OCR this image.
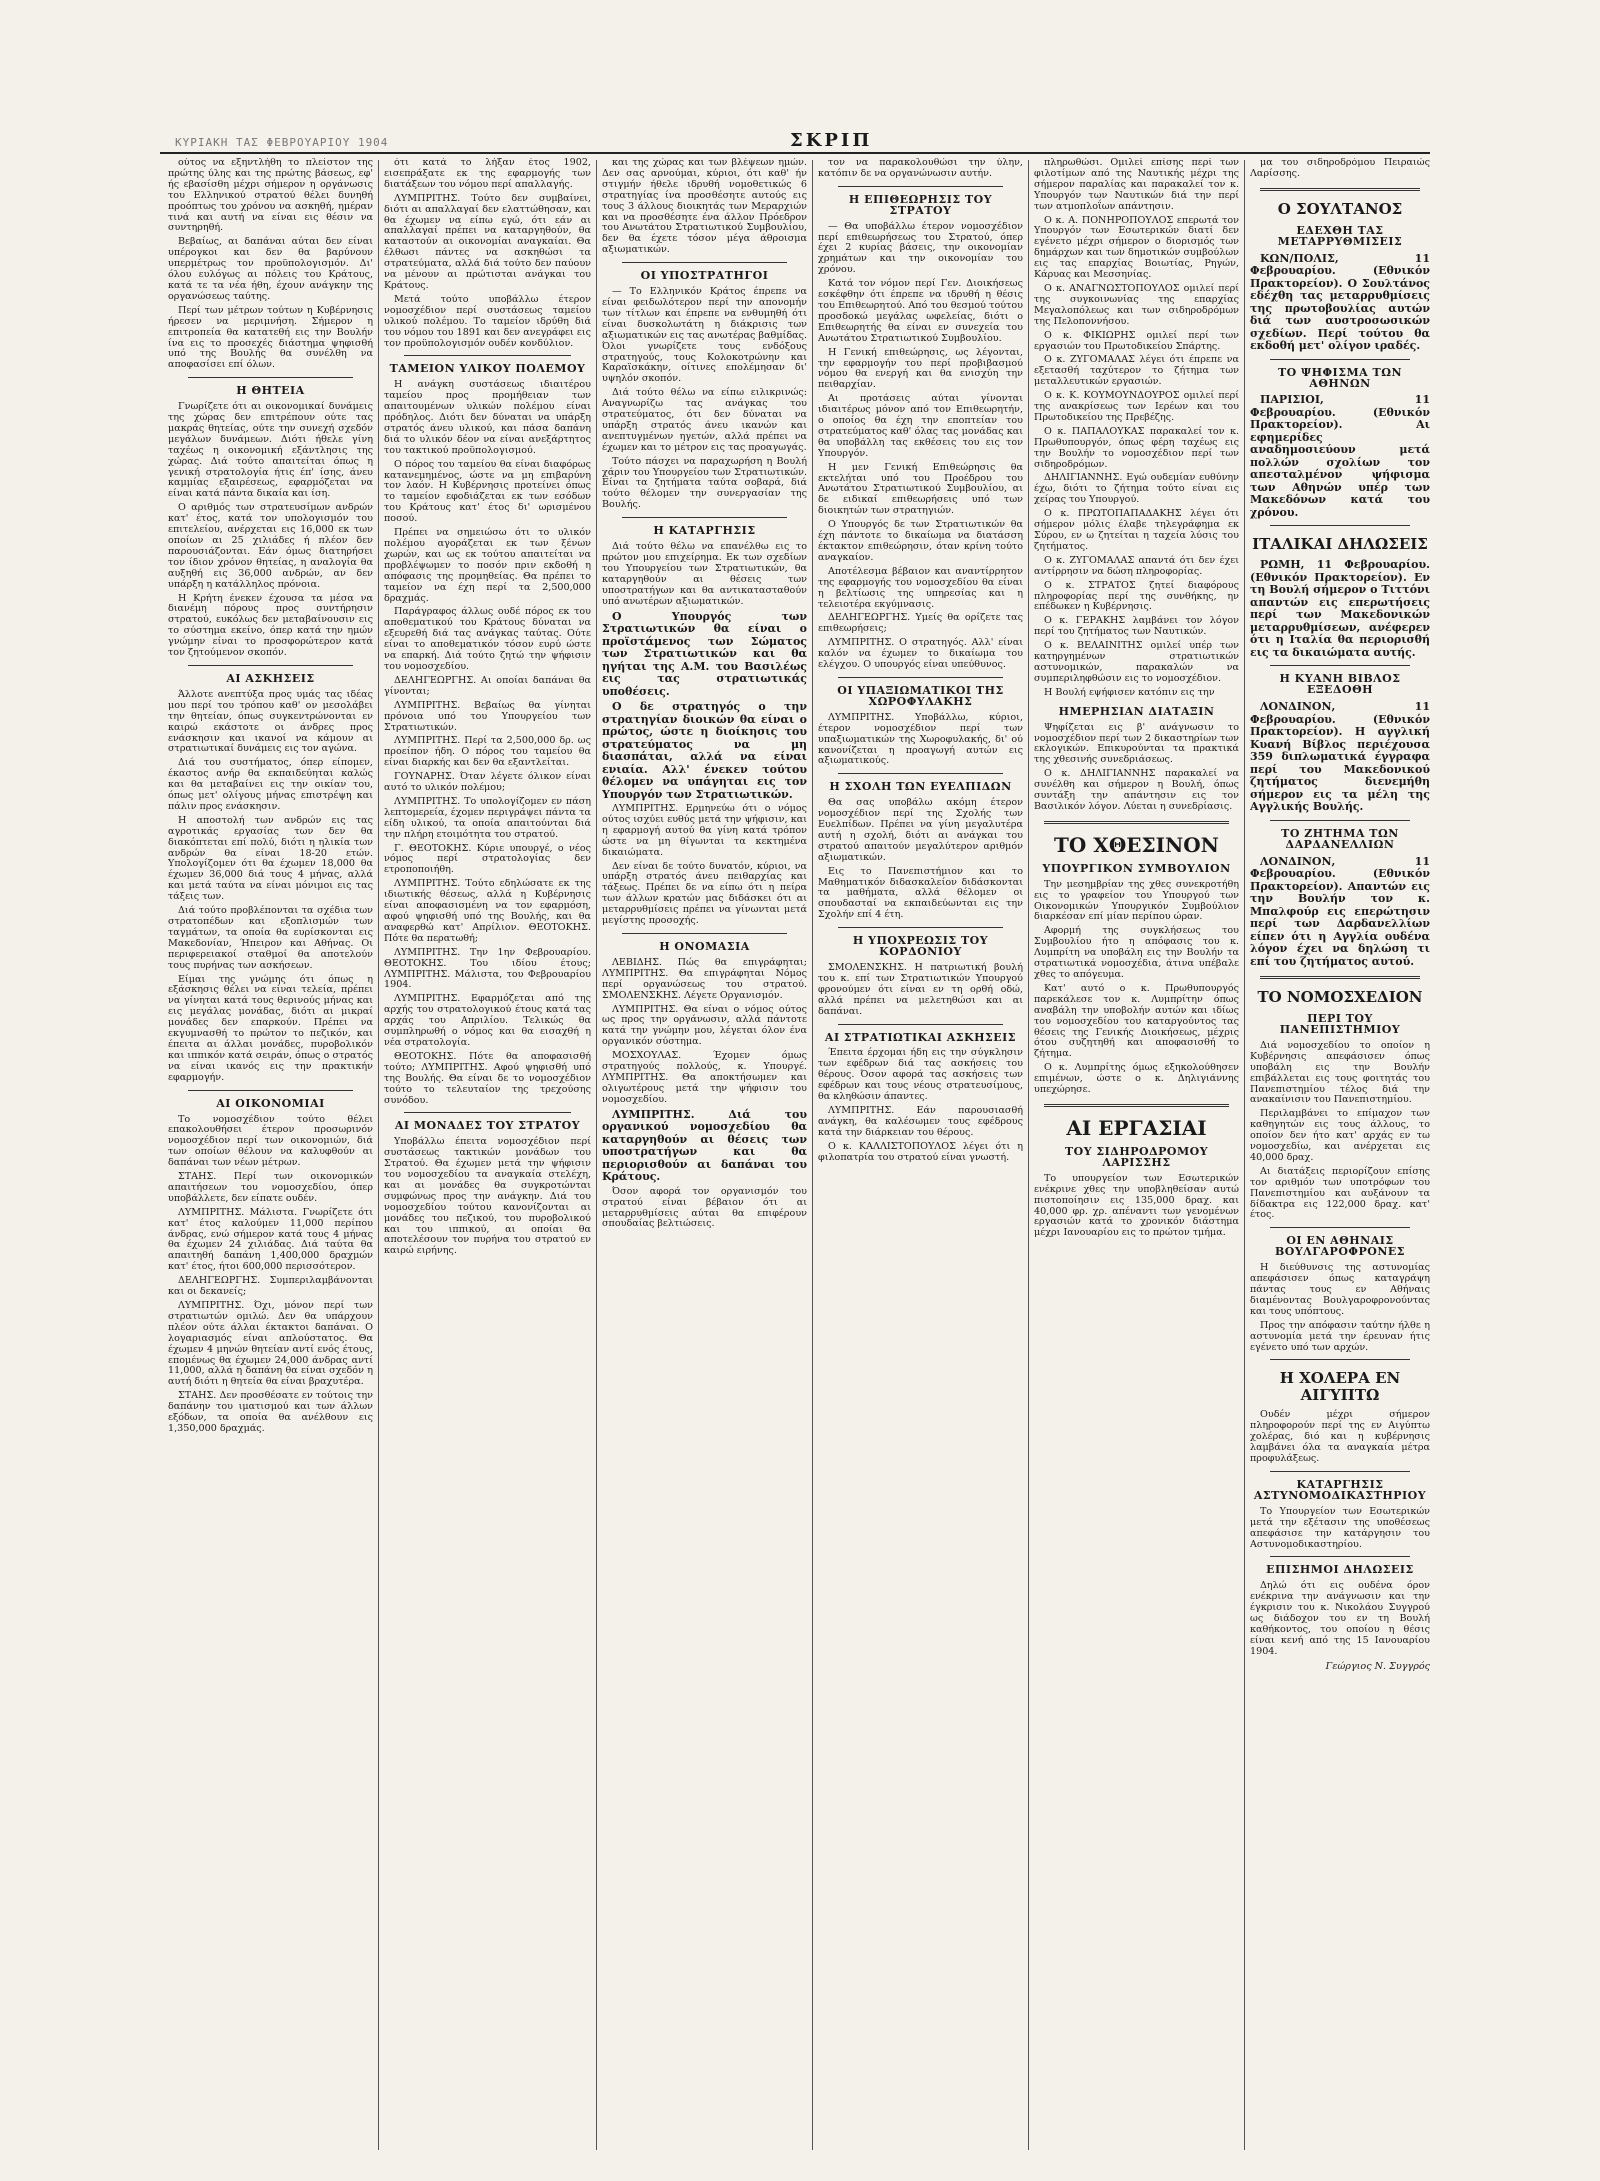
ΚΥΡΙΑΚΗ ΤΑΣ ΦΕΒΡΟΥΑΡΙΟΥ 1904	ΣΚΡΙΠ

ούτος να εξηντλήθη το πλείστον της πρώτης ύλης και της πρώτης βάσεως, εφ' ής εβασίσθη μέχρι σήμερον η οργάνωσις του Ελληνικού στρατού θέλει δυνηθή προόπτως του χρόνου να ασκηθή, ημέραν τινά και αυτή να είναι εις θέσιν να συντηρηθή.

Βεβαίως, αι δαπάναι αύται δεν είναι υπέρογκοι και δεν θα βαρύνουν υπερμέτρως τον προϋπολογισμόν. Δι' όλου ευλόγως αι πόλεις του Κράτους, κατά τε τα νέα ήθη, έχουν ανάγκην της οργανώσεως ταύτης.

Περί των μέτρων τούτων η Κυβέρνησις ήρεσεν να μεριμνήση. Σήμερον η επιτροπεία θα κατατεθή εις την Βουλήν ίνα εις το προσεχές διάστημα ψηφισθή υπό της Βουλής θα συνέλθη να αποφασίσει επί όλων.

Η ΘΗΤΕΙΑ

Γνωρίζετε ότι αι οικονομικαί δυνάμεις της χώρας δεν επιτρέπουν ούτε τας μακράς θητείας, ούτε την συνεχή σχεδόν μεγάλων δυνάμεων. Διότι ήθελε γίνη ταχέως η οικονομική εξάντλησις της χώρας. Διά τούτο απαιτείται όπως η γενική στρατολογία ήτις έπ' ίσης, άνευ καμμίας εξαιρέσεως, εφαρμόζεται να είναι κατά πάντα δικαία και ίση.

Ο αριθμός των στρατευσίμων ανδρών κατ' έτος, κατά τον υπολογισμόν του επιτελείου, ανέρχεται εις 16,000 εκ των οποίων αι 25 χιλιάδες ή πλέον δεν παρουσιάζονται. Εάν όμως διατηρήσει τον ίδιον χρόνον θητείας, η αναλογία θα αυξηθή εις 36,000 ανδρών, αν δεν υπάρξη η κατάλληλος πρόνοια.

Η Κρήτη ένεκεν έχουσα τα μέσα να διανέμη πόρους προς συντήρησιν στρατού, ευκόλως δεν μεταβαίνουσιν εις το σύστημα εκείνο, όπερ κατά την ημών γνώμην είναι το προσφορώτερον κατά τον ζητούμενον σκοπόν.

ΑΙ ΑΣΚΗΣΕΙΣ

Άλλοτε ανεπτύξα προς υμάς τας ιδέας μου περί του τρόπου καθ' ον μεσολάβει την θητείαν, όπως συγκεντρώνονται εν καιρώ εκάστοτε οι άνδρες προς ενάσκησιν και ικανοί να κάμουν αι στρατιωτικαί δυνάμεις εις τον αγώνα.

Διά του συστήματος, όπερ είπομεν, έκαστος ανήρ θα εκπαιδεύηται καλώς και θα μεταβαίνει εις την οικίαν του, όπως μετ' ολίγους μήνας επιστρέψη και πάλιν προς ενάσκησιν.

Η αποστολή των ανδρών εις τας αγροτικάς εργασίας των δεν θα διακόπτεται επί πολύ, διότι η ηλικία των ανδρών θα είναι 18-20 ετών. Υπολογίζομεν ότι θα έχωμεν 18,000 θα έχωμεν 36,000 διά τους 4 μήνας, αλλά και μετά ταύτα να είναι μόνιμοι εις τας τάξεις των.

Διά τούτο προβλέπονται τα σχέδια των στρατοπέδων και εξοπλισμών των ταγμάτων, τα οποία θα ευρίσκονται εις Μακεδονίαν, Ήπειρον και Αθήνας. Οι περιφερειακοί σταθμοί θα αποτελούν τους πυρήνας των ασκήσεων.

Είμαι της γνώμης ότι όπως η εξάσκησις θέλει να είναι τελεία, πρέπει να γίνηται κατά τους θερινούς μήνας και εις μεγάλας μονάδας, διότι αι μικραί μονάδες δεν επαρκούν. Πρέπει να εκγυμνασθή το πρώτον το πεζικόν, και έπειτα αι άλλαι μονάδες, πυροβολικόν και ιππικόν κατά σειράν, όπως ο στρατός να είναι ικανός εις την πρακτικήν εφαρμογήν.

ΑΙ ΟΙΚΟΝΟΜΙΑΙ

Το νομοσχέδιον τούτο θέλει επακολουθήσει έτερον προσωρινόν νομοσχέδιον περί των οικονομιών, διά των οποίων θέλουν να καλυφθούν αι δαπάναι των νέων μέτρων.

ΣΤΑΗΣ. Περί των οικονομικών απαιτήσεων του νομοσχεδίου, όπερ υποβάλλετε, δεν είπατε ουδέν.

ΛΥΜΠΡΙΤΗΣ. Μάλιστα. Γνωρίζετε ότι κατ' έτος καλούμεν 11,000 περίπου άνδρας, ενώ σήμερον κατά τους 4 μήνας θα έχωμεν 24 χιλιάδας. Διά ταύτα θα απαιτηθή δαπάνη 1,400,000 δραχμών κατ' έτος, ήτοι 600,000 περισσότερον.

ΔΕΛΗΓΕΩΡΓΗΣ. Συμπεριλαμβάνονται και οι δεκανείς;

ΛΥΜΠΡΙΤΗΣ. Όχι, μόνον περί των στρατιωτών ομιλώ. Δεν θα υπάρχουν πλέον ούτε άλλαι έκτακτοι δαπάναι. Ο λογαριασμός είναι απλούστατος. Θα έχωμεν 4 μηνών θητείαν αντί ενός έτους, επομένως θα έχωμεν 24,000 άνδρας αντί 11,000, αλλά η δαπάνη θα είναι σχεδόν η αυτή διότι η θητεία θα είναι βραχυτέρα.

ΣΤΑΗΣ. Δεν προσθέσατε εν τούτοις την δαπάνην του ιματισμού και των άλλων εξόδων, τα οποία θα ανέλθουν εις 1,350,000 δραχμάς.

ότι κατά το λήξαν έτος 1902, εισεπράξατε εκ της εφαρμογής των διατάξεων του νόμου περί απαλλαγής.

ΛΥΜΠΡΙΤΗΣ. Τούτο δεν συμβαίνει, διότι αι απαλλαγαί δεν ελαττώθησαν, και θα έχωμεν να είπω εγώ, ότι εάν αι απαλλαγαί πρέπει να καταργηθούν, θα καταστούν αι οικονομίαι αναγκαίαι. Θα έλθωσι πάντες να ασκηθώσι τα στρατεύματα, αλλά διά τούτο δεν παύουν να μένουν αι πρώτισται ανάγκαι του Κράτους.

Μετά τούτο υποβάλλω έτερον νομοσχέδιον περί συστάσεως ταμείου υλικού πολέμου. Το ταμείον ιδρύθη διά του νόμου του 1891 και δεν ανεγράφει εις τον προϋπολογισμόν ουδέν κονδύλιον.

ΤΑΜΕΙΟΝ ΥΛΙΚΟΥ ΠΟΛΕΜΟΥ

Η ανάγκη συστάσεως ιδιαιτέρου ταμείου προς προμήθειαν των απαιτουμένων υλικών πολέμου είναι πρόδηλος. Διότι δεν δύναται να υπάρξη στρατός άνευ υλικού, και πάσα δαπάνη διά το υλικόν δέον να είναι ανεξάρτητος του τακτικού προϋπολογισμού.

Ο πόρος του ταμείου θα είναι διαφόρως κατανεμημένος, ώστε να μη επιβαρύνη τον λαόν. Η Κυβέρνησις προτείνει όπως το ταμείον εφοδιάζεται εκ των εσόδων του Κράτους κατ' έτος δι' ωρισμένου ποσού.

Πρέπει να σημειώσω ότι το υλικόν πολέμου αγοράζεται εκ των ξένων χωρών, και ως εκ τούτου απαιτείται να προβλέψωμεν το ποσόν πριν εκδοθή η απόφασις της προμηθείας. Θα πρέπει το ταμείον να έχη περί τα 2,500,000 δραχμάς.

Παράγραφος άλλως ουδέ πόρος εκ του αποθεματικού του Κράτους δύναται να εξευρεθή διά τας ανάγκας ταύτας. Ούτε είναι το αποθεματικόν τόσον ευρύ ώστε να επαρκή. Διά τούτο ζητώ την ψήφισιν του νομοσχεδίου.

ΔΕΛΗΓΕΩΡΓΗΣ. Αι οποίαι δαπάναι θα γίνονται;

ΛΥΜΠΡΙΤΗΣ. Βεβαίως θα γίνηται πρόνοια υπό του Υπουργείου των Στρατιωτικών.

ΛΥΜΠΡΙΤΗΣ. Περί τα 2,500,000 δρ. ως προείπον ήδη. Ο πόρος του ταμείου θα είναι διαρκής και δεν θα εξαντλείται.

ΓΟΥΝΑΡΗΣ. Όταν λέγετε όλικον είναι αυτό το υλικόν πολέμου;

ΛΥΜΠΡΙΤΗΣ. Το υπολογίζομεν εν πάση λεπτομερεία, έχομεν περιγράψει πάντα τα είδη υλικού, τα οποία απαιτούνται διά την πλήρη ετοιμότητα του στρατού.

Γ. ΘΕΟΤΟΚΗΣ. Κύριε υπουργέ, ο νέος νόμος περί στρατολογίας δεν ετροποποιήθη.

ΛΥΜΠΡΙΤΗΣ. Τούτο εδηλώσατε εκ της ιδιωτικής θέσεως, αλλά η Κυβέρνησις είναι αποφασισμένη να τον εφαρμόση, αφού ψηφισθή υπό της Βουλής, και θα αναφερθώ κατ' Απρίλιον. ΘΕΟΤΟΚΗΣ. Πότε θα περατωθή;

ΛΥΜΠΡΙΤΗΣ. Την 1ην Φεβρουαρίου. ΘΕΟΤΟΚΗΣ. Του ιδίου έτους; ΛΥΜΠΡΙΤΗΣ. Μάλιστα, του Φεβρουαρίου 1904.

ΛΥΜΠΡΙΤΗΣ. Εφαρμόζεται από της αρχής του στρατολογικού έτους κατά τας αρχάς του Απριλίου. Τελικώς θα συμπληρωθή ο νόμος και θα εισαχθή η νέα στρατολογία.

ΘΕΟΤΟΚΗΣ. Πότε θα αποφασισθή τούτο; ΛΥΜΠΡΙΤΗΣ. Αφού ψηφισθή υπό της Βουλής. Θα είναι δε το νομοσχέδιον τούτο το τελευταίον της τρεχούσης συνόδου.

ΑΙ ΜΟΝΑΔΕΣ ΤΟΥ ΣΤΡΑΤΟΥ

Υποβάλλω έπειτα νομοσχέδιον περί συστάσεως τακτικών μονάδων του Στρατού. Θα έχωμεν μετά την ψήφισιν του νομοσχεδίου τα αναγκαία στελέχη, και αι μονάδες θα συγκροτώνται συμφώνως προς την ανάγκην. Διά του νομοσχεδίου τούτου κανονίζονται αι μονάδες του πεζικού, του πυροβολικού και του ιππικού, αι οποίαι θα αποτελέσουν τον πυρήνα του στρατού εν καιρώ ειρήνης.

και της χώρας και των βλέψεων ημών. Δεν σας αρνούμαι, κύριοι, ότι καθ' ήν στιγμήν ήθελε ιδρυθή νομοθετικώς 6 στρατηγίας ίνα προσθέσητε αυτούς εις τους 3 άλλους διοικητάς των Μεραρχιών και να προσθέσητε ένα άλλον Πρόεδρον του Ανωτάτου Στρατιωτικού Συμβουλίου, δεν θα έχετε τόσον μέγα άθροισμα αξιωματικών.

ΟΙ ΥΠΟΣΤΡΑΤΗΓΟΙ

— Το Ελληνικόν Κράτος έπρεπε να είναι φειδωλότερον περί την απονομήν των τίτλων και έπρεπε να ενθυμηθή ότι είναι δυσκολωτάτη η διάκρισις των αξιωματικών εις τας ανωτέρας βαθμίδας. Όλοι γνωρίζετε τους ενδόξους στρατηγούς, τους Κολοκοτρώνην και Καραϊσκάκην, οίτινες επολέμησαν δι' υψηλόν σκοπόν.

Διά τούτο θέλω να είπω ειλικρινώς: Αναγνωρίζω τας ανάγκας του στρατεύματος, ότι δεν δύναται να υπάρξη στρατός άνευ ικανών και ανεπτυγμένων ηγετών, αλλά πρέπει να έχωμεν και το μέτρον εις τας προαγωγάς.

Τούτο πάσχει να παραχωρήση η Βουλή χάριν του Υπουργείου των Στρατιωτικών. Είναι τα ζητήματα ταύτα σοβαρά, διά τούτο θέλομεν την συνεργασίαν της Βουλής.

Η ΚΑΤΑΡΓΗΣΙΣ

Διά τούτο θέλω να επανέλθω εις το πρώτον μου επιχείρημα. Εκ των σχεδίων του Υπουργείου των Στρατιωτικών, θα καταργηθούν αι θέσεις των υποστρατήγων και θα αντικατασταθούν υπό ανωτέρων αξιωματικών.

Ο Υπουργός των Στρατιωτικών θα είναι ο προϊστάμενος των Σώματος των Στρατιωτικών και θα ηγήται της Α.Μ. του Βασιλέως εις τας στρατιωτικάς υποθέσεις.

Ο δε στρατηγός ο την στρατηγίαν διοικών θα είναι ο πρώτος, ώστε η διοίκησις του στρατεύματος να μη διασπάται, αλλά να είναι ενιαία. Αλλ' ένεκεν τούτου θέλομεν να υπάγηται εις τον Υπουργόν των Στρατιωτικών.

ΛΥΜΠΡΙΤΗΣ. Ερμηνεύω ότι ο νόμος ούτος ισχύει ευθύς μετά την ψήφισιν, και η εφαρμογή αυτού θα γίνη κατά τρόπον ώστε να μη θίγωνται τα κεκτημένα δικαιώματα.

Δεν είναι δε τούτο δυνατόν, κύριοι, να υπάρξη στρατός άνευ πειθαρχίας και τάξεως. Πρέπει δε να είπω ότι η πείρα των άλλων κρατών μας διδάσκει ότι αι μεταρρυθμίσεις πρέπει να γίνωνται μετά μεγίστης προσοχής.

Η ΟΝΟΜΑΣΙΑ

ΛΕΒΙΔΗΣ. Πώς θα επιγράφηται; ΛΥΜΠΡΙΤΗΣ. Θα επιγράφηται Νόμος περί οργανώσεως του στρατού. ΣΜΟΛΕΝΣΚΗΣ. Λέγετε Οργανισμόν.

ΛΥΜΠΡΙΤΗΣ. Θα είναι ο νόμος ούτος ως προς την οργάνωσιν, αλλά πάντοτε κατά την γνώμην μου, λέγεται όλον ένα οργανικόν σύστημα.

ΜΟΣΧΟΥΛΑΣ. Έχομεν όμως στρατηγούς πολλούς, κ. Υπουργέ. ΛΥΜΠΡΙΤΗΣ. Θα αποκτήσωμεν και ολιγωτέρους μετά την ψήφισιν του νομοσχεδίου.

ΛΥΜΠΡΙΤΗΣ. Διά του οργανικού νομοσχεδίου θα καταργηθούν αι θέσεις των υποστρατήγων και θα περιορισθούν αι δαπάναι του Κράτους.

Όσον αφορά τον οργανισμόν του στρατού είναι βέβαιον ότι αι μεταρρυθμίσεις αύται θα επιφέρουν σπουδαίας βελτιώσεις.

τον να παρακολουθώσι την ύλην, κατόπιν δε να οργανώνωσιν αυτήν.

Η ΕΠΙΘΕΩΡΗΣΙΣ ΤΟΥ ΣΤΡΑΤΟΥ

— Θα υποβάλλω έτερον νομοσχέδιον περί επιθεωρήσεως του Στρατού, όπερ έχει 2 κυρίας βάσεις, την οικονομίαν χρημάτων και την οικονομίαν του χρόνου.

Κατά τον νόμον περί Γεν. Διοικήσεως εσκέφθην ότι έπρεπε να ιδρυθή η θέσις του Επιθεωρητού. Από του θεσμού τούτου προσδοκώ μεγάλας ωφελείας, διότι ο Επιθεωρητής θα είναι εν συνεχεία του Ανωτάτου Στρατιωτικού Συμβουλίου.

Η Γενική επιθεώρησις, ως λέγονται, την εφαρμογήν του περί προβιβασμού νόμου θα ενεργή και θα ενισχύη την πειθαρχίαν.

Αι προτάσεις αύται γίνονται ιδιαιτέρως μόνον από τον Επιθεωρητήν, ο οποίος θα έχη την εποπτείαν του στρατεύματος καθ' όλας τας μονάδας και θα υποβάλλη τας εκθέσεις του εις τον Υπουργόν.

Η μεν Γενική Επιθεώρησις θα εκτελήται υπό του Προέδρου του Ανωτάτου Στρατιωτικού Συμβουλίου, αι δε ειδικαί επιθεωρήσεις υπό των διοικητών των στρατηγιών.

Ο Υπουργός δε των Στρατιωτικών θα έχη πάντοτε το δικαίωμα να διατάσση έκτακτον επιθεώρησιν, όταν κρίνη τούτο αναγκαίον.

Αποτέλεσμα βέβαιον και αναντίρρητον της εφαρμογής του νομοσχεδίου θα είναι η βελτίωσις της υπηρεσίας και η τελειοτέρα εκγύμνασις.

ΔΕΛΗΓΕΩΡΓΗΣ. Υμείς θα ορίζετε τας επιθεωρήσεις;

ΛΥΜΠΡΙΤΗΣ. Ο στρατηγός. Αλλ' είναι καλόν να έχωμεν το δικαίωμα του ελέγχου. Ο υπουργός είναι υπεύθυνος.

ΟΙ ΥΠΑΞΙΩΜΑΤΙΚΟΙ ΤΗΣ ΧΩΡΟΦΥΛΑΚΗΣ

ΛΥΜΠΡΙΤΗΣ. Υποβάλλω, κύριοι, έτερον νομοσχέδιον περί των υπαξιωματικών της Χωροφυλακής, δι' ού κανονίζεται η προαγωγή αυτών εις αξιωματικούς.

Η ΣΧΟΛΗ ΤΩΝ ΕΥΕΛΠΙΔΩΝ

Θα σας υποβάλω ακόμη έτερον νομοσχέδιον περί της Σχολής των Ευελπίδων. Πρέπει να γίνη μεγαλυτέρα αυτή η σχολή, διότι αι ανάγκαι του στρατού απαιτούν μεγαλύτερον αριθμόν αξιωματικών.

Εις το Πανεπιστήμιον και το Μαθηματικόν διδασκαλείον διδάσκονται τα μαθήματα, αλλά θέλομεν οι σπουδασταί να εκπαιδεύωνται εις την Σχολήν επί 4 έτη.

Η ΥΠΟΧΡΕΩΣΙΣ ΤΟΥ ΚΟΡΔΟΝΙΟΥ

ΣΜΟΛΕΝΣΚΗΣ. Η πατριωτική βουλή του κ. επί των Στρατιωτικών Υπουργού φρονούμεν ότι είναι εν τη ορθή οδώ, αλλά πρέπει να μελετηθώσι και αι δαπάναι.

ΑΙ ΣΤΡΑΤΙΩΤΙΚΑΙ ΑΣΚΗΣΕΙΣ

Έπειτα έρχομαι ήδη εις την σύγκλησιν των εφέδρων διά τας ασκήσεις του θέρους. Όσον αφορά τας ασκήσεις των εφέδρων και τους νέους στρατευσίμους, θα κληθώσιν άπαντες.

ΛΥΜΠΡΙΤΗΣ. Εάν παρουσιασθή ανάγκη, θα καλέσωμεν τους εφέδρους κατά την διάρκειαν του θέρους.

Ο κ. ΚΑΛΛΙΣΤΟΠΟΥΛΟΣ λέγει ότι η φιλοπατρία του στρατού είναι γνωστή.

πληρωθώσι. Ομιλεί επίσης περί των φιλοτίμων από της Ναυτικής μέχρι της σήμερον παραλίας και παρακαλεί τον κ. Υπουργόν των Ναυτικών διά την περί των ατμοπλοΐων απάντησιν.

Ο κ. Α. ΠΟΝΗΡΟΠΟΥΛΟΣ επερωτά τον Υπουργόν των Εσωτερικών διατί δεν εγένετο μέχρι σήμερον ο διορισμός των δημάρχων και των δημοτικών συμβούλων εις τας επαρχίας Βοιωτίας, Ρηγών, Κάρυας και Μεσσηνίας.

Ο κ. ΑΝΑΓΝΩΣΤΟΠΟΥΛΟΣ ομιλεί περί της συγκοινωνίας της επαρχίας Μεγαλοπόλεως και των σιδηροδρόμων της Πελοποννήσου.

Ο κ. ΦΙΚΙΩΡΗΣ ομιλεί περί των εργασιών του Πρωτοδικείου Σπάρτης.

Ο κ. ΖΥΓΟΜΑΛΑΣ λέγει ότι έπρεπε να εξετασθή ταχύτερον το ζήτημα των μεταλλευτικών εργασιών.

Ο κ. Κ. ΚΟΥΜΟΥΝΔΟΥΡΟΣ ομιλεί περί της ανακρίσεως των Ιερέων και του Πρωτοδικείου της Πρεβέζης.

Ο κ. ΠΑΠΑΛΟΥΚΑΣ παρακαλεί τον κ. Πρωθυπουργόν, όπως φέρη ταχέως εις την Βουλήν το νομοσχέδιον περί των σιδηροδρόμων.

ΔΗΛΙΓΙΑΝΝΗΣ. Εγώ ουδεμίαν ευθύνην έχω, διότι το ζήτημα τούτο είναι εις χείρας του Υπουργού.

Ο κ. ΠΡΩΤΟΠΑΠΑΔΑΚΗΣ λέγει ότι σήμερον μόλις έλαβε τηλεγράφημα εκ Σύρου, εν ω ζητείται η ταχεία λύσις του ζητήματος.

Ο κ. ΖΥΓΟΜΑΛΑΣ απαντά ότι δεν έχει αντίρρησιν να δώση πληροφορίας.

Ο κ. ΣΤΡΑΤΟΣ ζητεί διαφόρους πληροφορίας περί της συνθήκης, ην επέδωκεν η Κυβέρνησις.

Ο κ. ΓΕΡΑΚΗΣ λαμβάνει τον λόγον περί του ζητήματος των Ναυτικών.

Ο κ. ΒΕΛΑΙΝΙΤΗΣ ομιλεί υπέρ των κατηργημένων στρατιωτικών αστυνομικών, παρακαλών να συμπεριληφθώσιν εις το νομοσχέδιον.

Η Βουλή εψήφισεν κατόπιν εις την

ΗΜΕΡΗΣΙΑΝ ΔΙΑΤΑΞΙΝ

Ψηφίζεται εις β' ανάγνωσιν το νομοσχέδιον περί των 2 δικαστηρίων των εκλογικών. Επικυρούνται τα πρακτικά της χθεσινής συνεδριάσεως.

Ο κ. ΔΗΛΙΓΙΑΝΝΗΣ παρακαλεί να συνέλθη και σήμερον η Βουλή, όπως συντάξη την απάντησιν εις τον Βασιλικόν λόγον. Λύεται η συνεδρίασις.

ΤΟ ΧΘΕΣΙΝΟΝ
ΥΠΟΥΡΓΙΚΟΝ ΣΥΜΒΟΥΛΙΟΝ

Την μεσημβρίαν της χθες συνεκροτήθη εις το γραφείον του Υπουργού των Οικονομικών Υπουργικόν Συμβούλιον διαρκέσαν επί μίαν περίπου ώραν.

Αφορμή της συγκλήσεως του Συμβουλίου ήτο η απόφασις του κ. Λυμπρίτη να υποβάλη εις την Βουλήν τα στρατιωτικά νομοσχέδια, άτινα υπέβαλε χθες το απόγευμα.

Κατ' αυτό ο κ. Πρωθυπουργός παρεκάλεσε τον κ. Λυμπρίτην όπως αναβάλη την υποβολήν αυτών και ιδίως του νομοσχεδίου του καταργούντος τας θέσεις της Γενικής Διοικήσεως, μέχρις ότου συζητηθή και αποφασισθή το ζήτημα.

Ο κ. Λυμπρίτης όμως εξηκολούθησεν επιμένων, ώστε ο κ. Δηλιγιάννης υπεχώρησε.

ΑΙ ΕΡΓΑΣΙΑΙ
ΤΟΥ ΣΙΔΗΡΟΔΡΟΜΟΥ ΛΑΡΙΣΣΗΣ

Το υπουργείον των Εσωτερικών ενέκρινε χθες την υποβληθείσαν αυτώ πιστοποίησιν εις 135,000 δραχ. και 40,000 φρ. χρ. απέναντι των γενομένων εργασιών κατά το χρονικόν διάστημα μέχρι Ιανουαρίου εις το πρώτον τμήμα.

μα του σιδηροδρόμου Πειραιώς Λαρίσσης.

Ο ΣΟΥΛΤΑΝΟΣ
ΕΔΕΧΘΗ ΤΑΣ ΜΕΤΑΡΡΥΘΜΙΣΕΙΣ

ΚΩΝ/ΠΟΛΙΣ, 11 Φεβρουαρίου. (Εθνικόν Πρακτορείον). Ο Σουλτάνος εδέχθη τας μεταρρυθμίσεις της πρωτοβουλίας αυτών διά των αυστροσωσικών σχεδίων. Περί τούτου θα εκδοθή μετ' ολίγον ιραδές.

ΤΟ ΨΗΦΙΣΜΑ ΤΩΝ ΑΘΗΝΩΝ

ΠΑΡΙΣΙΟΙ, 11 Φεβρουαρίου. (Εθνικόν Πρακτορείον). Αι εφημερίδες αναδημοσιεύουν μετά πολλών σχολίων τον απεσταλμένον ψήφισμα των Αθηνών υπέρ των Μακεδόνων κατά του χρόνου.

ΙΤΑΛΙΚΑΙ ΔΗΛΩΣΕΙΣ

ΡΩΜΗ, 11 Φεβρουαρίου. (Εθνικόν Πρακτορείον). Εν τη Βουλή σήμερον ο Τιττόνι απαντών εις επερωτήσεις περί των Μακεδονικών μεταρρυθμίσεων, ανέφερεν ότι η Ιταλία θα περιορισθή εις τα δικαιώματα αυτής.

Η ΚΥΑΝΗ ΒΙΒΛΟΣ ΕΞΕΔΟΘΗ

ΛΟΝΔΙΝΟΝ, 11 Φεβρουαρίου. (Εθνικόν Πρακτορείον). Η αγγλική Κυανή Βίβλος περιέχουσα 359 διπλωματικά έγγραφα περί του Μακεδονικού ζητήματος διενεμήθη σήμερον εις τα μέλη της Αγγλικής Βουλής.

ΤΟ ΖΗΤΗΜΑ ΤΩΝ ΔΑΡΔΑΝΕΛΛΙΩΝ

ΛΟΝΔΙΝΟΝ, 11 Φεβρουαρίου. (Εθνικόν Πρακτορείον). Απαντών εις την Βουλήν τον κ. Μπαλφούρ εις επερώτησιν περί των Δαρδανελλίων είπεν ότι η Αγγλία ουδένα λόγον έχει να δηλώση τι επί του ζητήματος αυτού.

ΤΟ ΝΟΜΟΣΧΕΔΙΟΝ
ΠΕΡΙ ΤΟΥ ΠΑΝΕΠΙΣΤΗΜΙΟΥ

Διά νομοσχεδίου το οποίον η Κυβέρνησις απεφάσισεν όπως υποβάλη εις την Βουλήν επιβάλλεται εις τους φοιτητάς του Πανεπιστημίου τέλος διά την ανακαίνισιν του Πανεπιστημίου.

Περιλαμβάνει το επίμαχον των καθηγητών εις τους άλλους, το οποίον δεν ήτο κατ' αρχάς εν τω νομοσχεδίω, και ανέρχεται εις 40,000 δραχ.

Αι διατάξεις περιορίζουν επίσης τον αριθμόν των υποτρόφων του Πανεπιστημίου και αυξάνουν τα δίδακτρα εις 122,000 δραχ. κατ' έτος.

ΟΙ ΕΝ ΑΘΗΝΑΙΣ ΒΟΥΛΓΑΡΟΦΡΟΝΕΣ

Η διεύθυνσις της αστυνομίας απεφάσισεν όπως καταγράψη πάντας τους εν Αθήναις διαμένοντας Βουλγαροφρονούντας και τους υπόπτους.

Προς την απόφασιν ταύτην ήλθε η αστυνομία μετά την έρευναν ήτις εγένετο υπό των αρχών.

Η ΧΟΛΕΡΑ ΕΝ ΑΙΓΥΠΤΩ

Ουδέν μέχρι σήμερον πληροφορούν περί της εν Αιγύπτω χολέρας, διό και η κυβέρνησις λαμβάνει όλα τα αναγκαία μέτρα προφυλάξεως.

ΚΑΤΑΡΓΗΣΙΣ ΑΣΤΥΝΟΜΟΔΙΚΑΣΤΗΡΙΟΥ

Το Υπουργείον των Εσωτερικών μετά την εξέτασιν της υποθέσεως απεφάσισε την κατάργησιν του Αστυνομοδικαστηρίου.

ΕΠΙΣΗΜΟΙ ΔΗΛΩΣΕΙΣ

Δηλώ ότι εις ουδένα όρον ενέκρινα την ανάγνωσιν και την έγκρισιν του κ. Νικολάου Συγγρού ως διάδοχον του εν τη Βουλή καθήκοντος, του οποίου η θέσις είναι κενή από της 15 Ιανουαρίου 1904.

Γεώργιος Ν. Συγγρός
